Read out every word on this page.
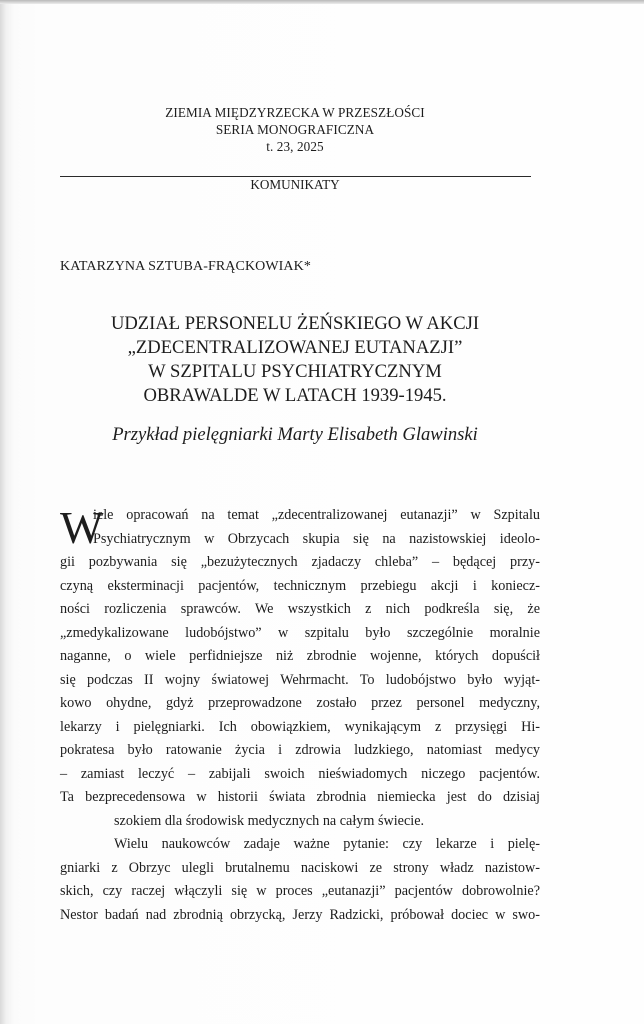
ZIEMIA MIĘDZYRZECKA W PRZESZŁOŚCI
SERIA MONOGRAFICZNA
t. 23, 2025
KOMUNIKATY
KATARZYNA SZTUBA-FRĄCKOWIAK*
UDZIAŁ PERSONELU ŻEŃSKIEGO W AKCJI
„ZDECENTRALIZOWANEJ EUTANAZJI”
W SZPITALU PSYCHIATRYCZNYM
OBRAWALDE W LATACH 1939-1945.
Przykład pielęgniarki Marty Elisabeth Glawinski
W
iele opracowań na temat „zdecentralizowanej eutanazji” w Szpitalu
Psychiatrycznym w Obrzycach skupia się na nazistowskiej ideolo-
gii pozbywania się „bezużytecznych zjadaczy chleba” – będącej przy-
czyną eksterminacji pacjentów, technicznym przebiegu akcji i koniecz-
ności rozliczenia sprawców. We wszystkich z nich podkreśla się, że
„zmedykalizowane ludobójstwo” w szpitalu było szczególnie moralnie
naganne, o wiele perfidniejsze niż zbrodnie wojenne, których dopuścił
się podczas II wojny światowej Wehrmacht. To ludobójstwo było wyjąt-
kowo ohydne, gdyż przeprowadzone zostało przez personel medyczny,
lekarzy i pielęgniarki. Ich obowiązkiem, wynikającym z przysięgi Hi-
pokratesa było ratowanie życia i zdrowia ludzkiego, natomiast medycy
– zamiast leczyć – zabijali swoich nieświadomych niczego pacjentów.
Ta bezprecedensowa w historii świata zbrodnia niemiecka jest do dzisiaj
szokiem dla środowisk medycznych na całym świecie.
Wielu naukowców zadaje ważne pytanie: czy lekarze i pielę-
gniarki z Obrzyc ulegli brutalnemu naciskowi ze strony władz nazistow-
skich, czy raczej włączyli się w proces „eutanazji” pacjentów dobrowolnie?
Nestor badań nad zbrodnią obrzycką, Jerzy Radzicki, próbował dociec w swo-
